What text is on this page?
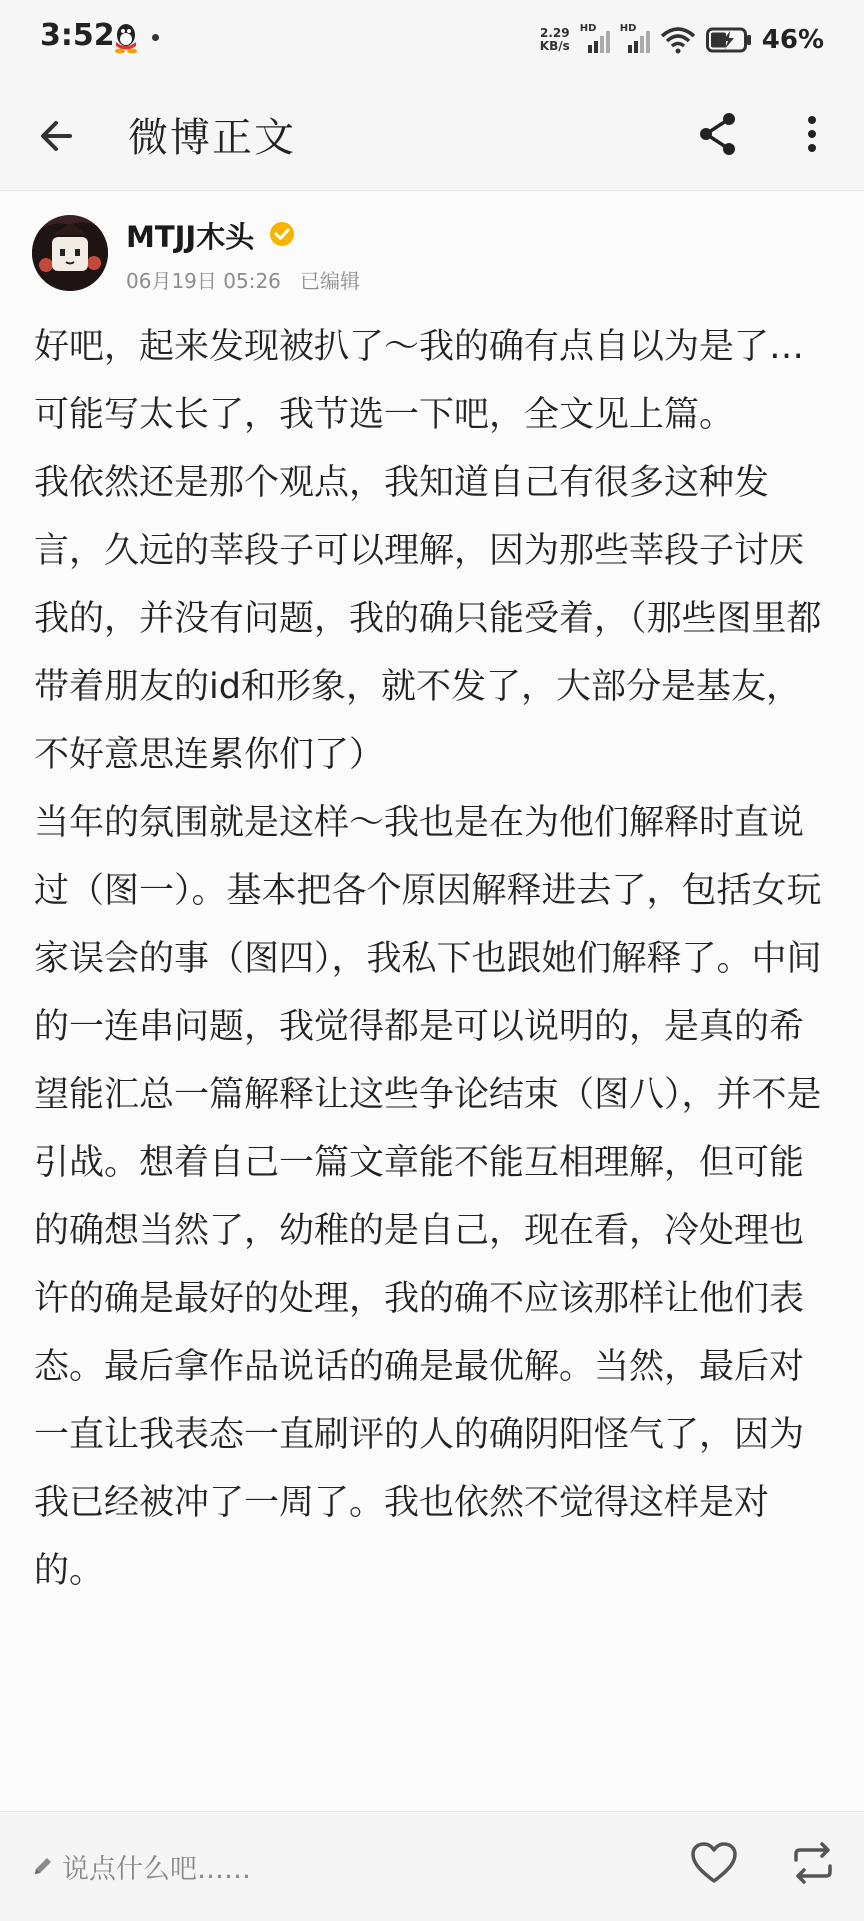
3:52	2.29
KB/s
HD HD	46%
微博正文
MTJJ木头
06月19日 05:26   已编辑
好吧，起来发现被扒了～我的确有点自以为是了…
可能写太长了，我节选一下吧，全文见上篇。
我依然还是那个观点，我知道自己有很多这种发言，久远的莘段子可以理解，因为那些莘段子讨厌我的，并没有问题，我的确只能受着，（那些图里都带着朋友的id和形象，就不发了，大部分是基友，不好意思连累你们了）
当年的氛围就是这样～我也是在为他们解释时直说过（图一）。基本把各个原因解释进去了，包括女玩家误会的事（图四），我私下也跟她们解释了。中间的一连串问题，我觉得都是可以说明的，是真的希望能汇总一篇解释让这些争论结束（图八），并不是引战。想着自己一篇文章能不能互相理解，但可能的确想当然了，幼稚的是自己，现在看，冷处理也许的确是最好的处理，我的确不应该那样让他们表态。最后拿作品说话的确是最优解。当然，最后对一直让我表态一直刷评的人的确阴阳怪气了，因为我已经被冲了一周了。我也依然不觉得这样是对的。
说点什么吧……
